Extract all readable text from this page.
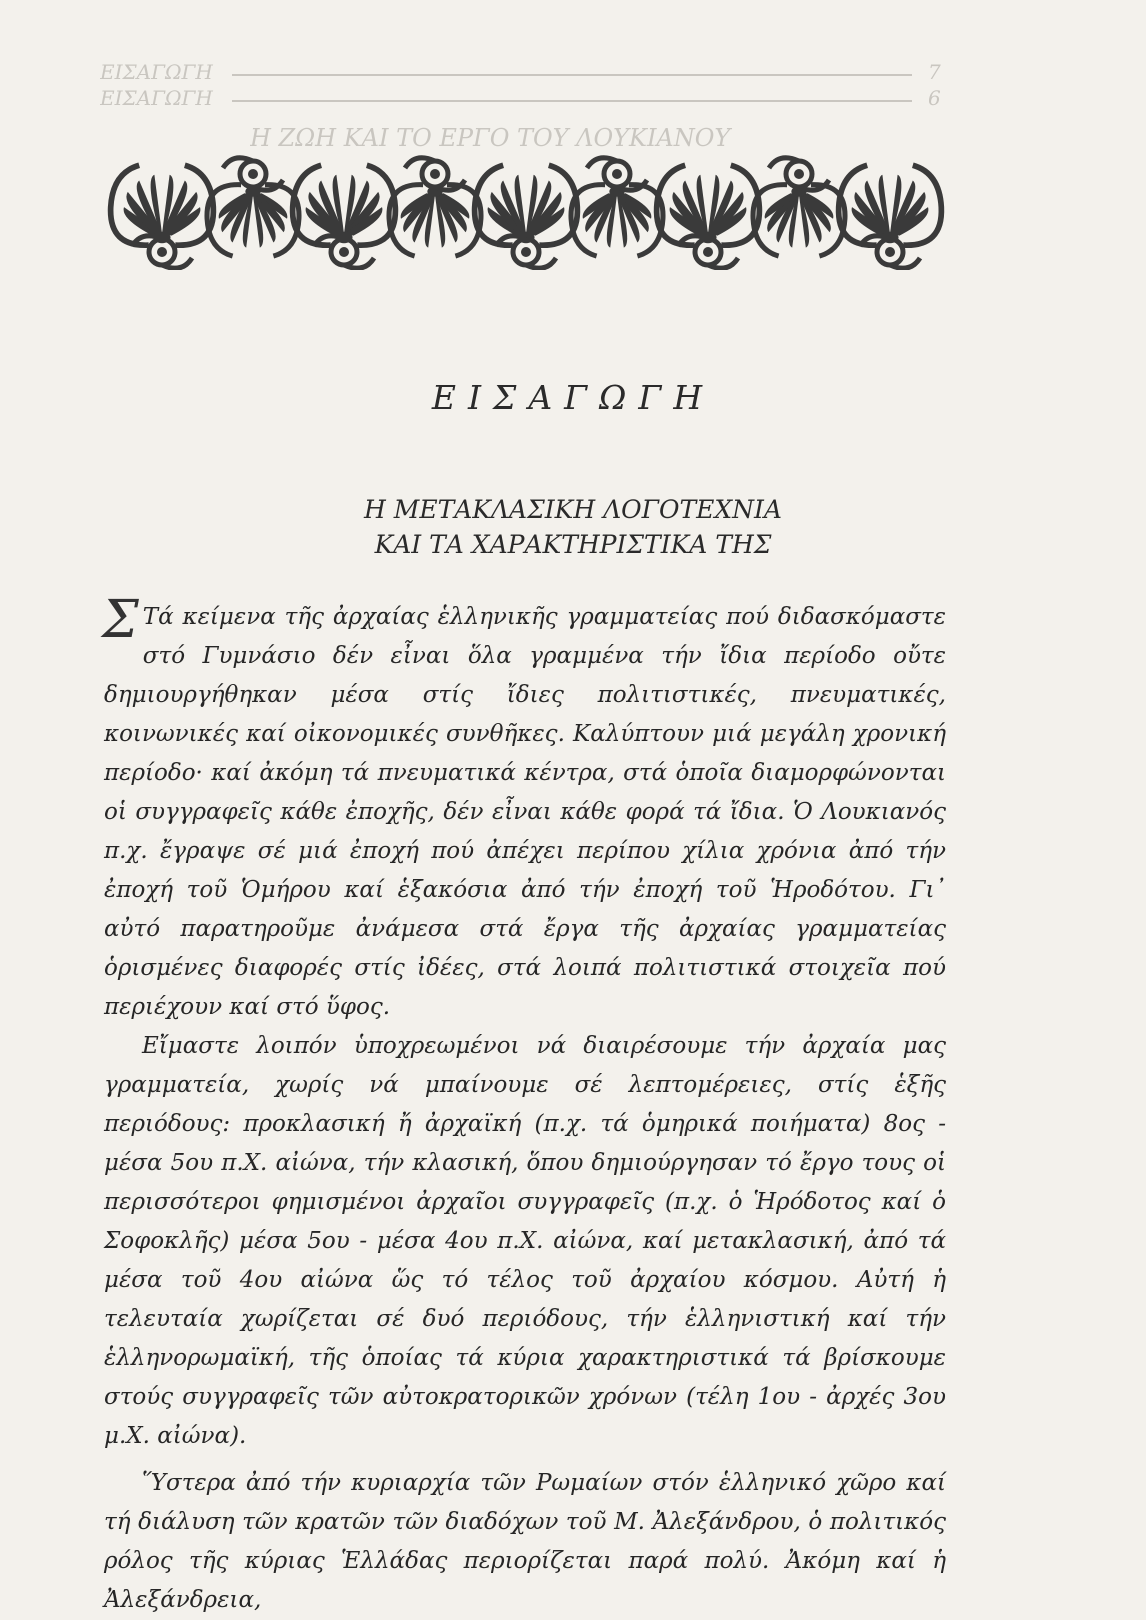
ΕΙΣΑΓΩΓΗ	7
ΕΙΣΑΓΩΓΗ	6
Η ΖΩΗ ΚΑΙ ΤΟ ΕΡΓΟ ΤΟΥ ΛΟΥΚΙΑΝΟΥ
ΕΙΣΑΓΩΓΗ
Η ΜΕΤΑΚΛΑΣΙΚΗ ΛΟΓΟΤΕΧΝΙΑ
ΚΑΙ ΤΑ ΧΑΡΑΚΤΗΡΙΣΤΙΚΑ ΤΗΣ

Σ Τά κείμενα τῆς ἀρχαίας ἑλληνικῆς γραμματείας πού διδασκόμαστε στό Γυμνάσιο δέν εἶναι ὅλα γραμμένα τήν ἴδια περίοδο οὔτε δημιουργήθηκαν μέσα στίς ἴδιες πολιτιστικές, πνευματικές, κοινωνικές καί οἰκονομικές συνθῆκες. Καλύπτουν μιά μεγάλη χρονική περίοδο· καί ἀκόμη τά πνευματικά κέντρα, στά ὁποῖα διαμορφώνονται οἱ συγγραφεῖς κάθε ἐποχῆς, δέν εἶναι κάθε φορά τά ἴδια. Ὁ Λουκιανός π.χ. ἔγραψε σέ μιά ἐποχή πού ἀπέχει περίπου χίλια χρόνια ἀπό τήν ἐποχή τοῦ Ὁμήρου καί ἑξακόσια ἀπό τήν ἐποχή τοῦ Ἡροδότου. Γι᾽ αὐτό παρατηροῦμε ἀνάμεσα στά ἔργα τῆς ἀρχαίας γραμματείας ὁρισμένες διαφορές στίς ἰδέες, στά λοιπά πολιτιστικά στοιχεῖα πού περιέχουν καί στό ὕφος.

Εἴμαστε λοιπόν ὑποχρεωμένοι νά διαιρέσουμε τήν ἀρχαία μας γραμματεία, χωρίς νά μπαίνουμε σέ λεπτομέρειες, στίς ἑξῆς περιόδους: προκλασική ἤ ἀρχαϊκή (π.χ. τά ὁμηρικά ποιήματα) 8ος - μέσα 5ου π.Χ. αἰώνα, τήν κλασική, ὅπου δημιούργησαν τό ἔργο τους οἱ περισσότεροι φημισμένοι ἀρχαῖοι συγγραφεῖς (π.χ. ὁ Ἡρόδοτος καί ὁ Σοφοκλῆς) μέσα 5ου - μέσα 4ου π.Χ. αἰώνα, καί μετακλασική, ἀπό τά μέσα τοῦ 4ου αἰώνα ὥς τό τέλος τοῦ ἀρχαίου κόσμου. Αὐτή ἡ τελευταία χωρίζεται σέ δυό περιόδους, τήν ἑλληνιστική καί τήν ἑλληνορωμαϊκή, τῆς ὁποίας τά κύρια χαρακτηριστικά τά βρίσκουμε στούς συγγραφεῖς τῶν αὐτοκρατορικῶν χρόνων (τέλη 1ου - ἀρχές 3ου μ.Χ. αἰώνα).

Ὕστερα ἀπό τήν κυριαρχία τῶν Ρωμαίων στόν ἑλληνικό χῶρο καί τή διάλυση τῶν κρατῶν τῶν διαδόχων τοῦ Μ. Ἀλεξάνδρου, ὁ πολιτικός ρόλος τῆς κύριας Ἑλλάδας περιορίζεται παρά πολύ. Ἀκόμη καί ἡ Ἀλεξάνδρεια,
